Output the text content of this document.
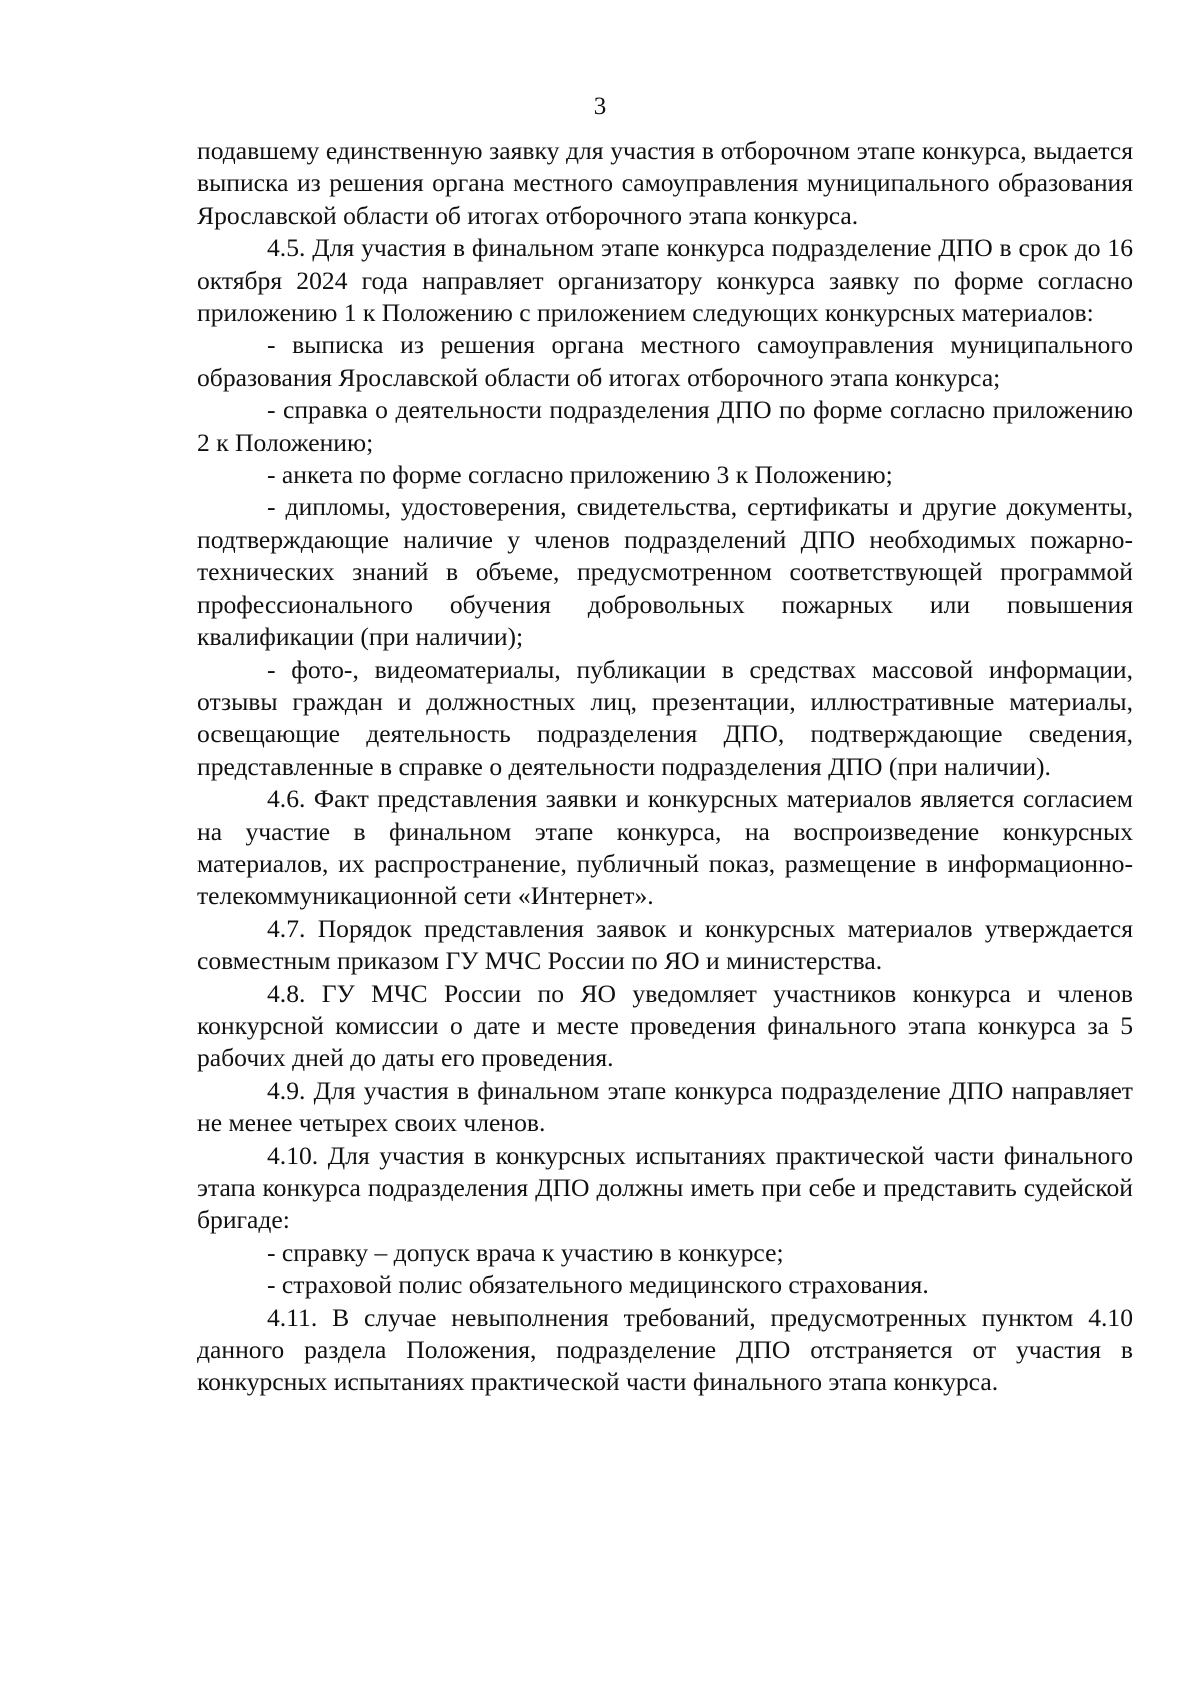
3

подавшему единственную заявку для участия в отборочном этапе конкурса, выдается выписка из решения органа местного самоуправления муниципального образования Ярославской области об итогах отборочного этапа конкурса.

4.5. Для участия в финальном этапе конкурса подразделение ДПО в срок до 16 октября 2024 года направляет организатору конкурса заявку по форме согласно приложению 1 к Положению с приложением следующих конкурсных материалов:

- выписка из решения органа местного самоуправления муниципального образования Ярославской области об итогах отборочного этапа конкурса;

- справка о деятельности подразделения ДПО по форме согласно приложению 2 к Положению;

- анкета по форме согласно приложению 3 к Положению;

- дипломы, удостоверения, свидетельства, сертификаты и другие документы, подтверждающие наличие у членов подразделений ДПО необходимых пожарно-технических знаний в объеме, предусмотренном соответствующей программой профессионального обучения добровольных пожарных или повышения квалификации (при наличии);

- фото-, видеоматериалы, публикации в средствах массовой информации, отзывы граждан и должностных лиц, презентации, иллюстративные материалы, освещающие деятельность подразделения ДПО, подтверждающие сведения, представленные в справке о деятельности подразделения ДПО (при наличии).

4.6. Факт представления заявки и конкурсных материалов является согласием на участие в финальном этапе конкурса, на воспроизведение конкурсных материалов, их распространение, публичный показ, размещение в информационно-телекоммуникационной сети «Интернет».

4.7. Порядок представления заявок и конкурсных материалов утверждается совместным приказом ГУ МЧС России по ЯО и министерства.

4.8. ГУ МЧС России по ЯО уведомляет участников конкурса и членов конкурсной комиссии о дате и месте проведения финального этапа конкурса за 5 рабочих дней до даты его проведения.

4.9. Для участия в финальном этапе конкурса подразделение ДПО направляет не менее четырех своих членов.

4.10. Для участия в конкурсных испытаниях практической части финального этапа конкурса подразделения ДПО должны иметь при себе и представить судейской бригаде:

- справку – допуск врача к участию в конкурсе;

- страховой полис обязательного медицинского страхования.

4.11. В случае невыполнения требований, предусмотренных пунктом 4.10 данного раздела Положения, подразделение ДПО отстраняется от участия в конкурсных испытаниях практической части финального этапа конкурса.
